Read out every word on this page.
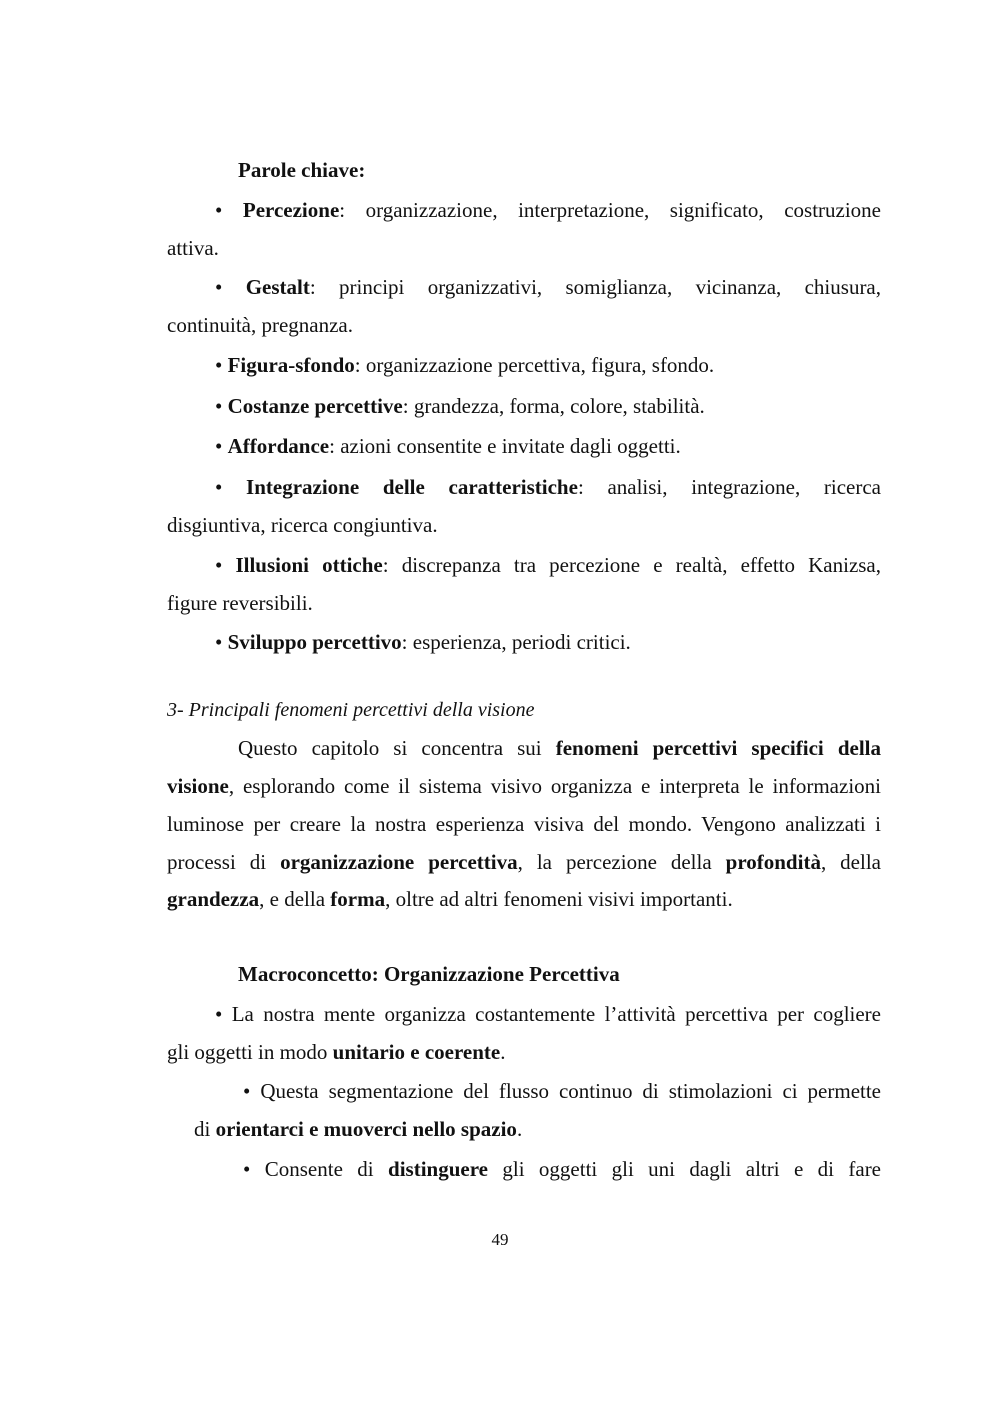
Parole chiave:
• Percezione: organizzazione, interpretazione, significato, costruzione
attiva.
• Gestalt: principi organizzativi, somiglianza, vicinanza, chiusura,
continuità, pregnanza.
• Figura-sfondo: organizzazione percettiva, figura, sfondo.
• Costanze percettive: grandezza, forma, colore, stabilità.
• Affordance: azioni consentite e invitate dagli oggetti.
• Integrazione delle caratteristiche: analisi, integrazione, ricerca
disgiuntiva, ricerca congiuntiva.
• Illusioni ottiche: discrepanza tra percezione e realtà, effetto Kanizsa,
figure reversibili.
• Sviluppo percettivo: esperienza, periodi critici.
3- Principali fenomeni percettivi della visione
Questo capitolo si concentra sui fenomeni percettivi specifici della
visione, esplorando come il sistema visivo organizza e interpreta le informazioni
luminose per creare la nostra esperienza visiva del mondo. Vengono analizzati i
processi di organizzazione percettiva, la percezione della profondità, della
grandezza, e della forma, oltre ad altri fenomeni visivi importanti.
Macroconcetto: Organizzazione Percettiva
• La nostra mente organizza costantemente l’attività percettiva per cogliere
gli oggetti in modo unitario e coerente.
• Questa segmentazione del flusso continuo di stimolazioni ci permette
di orientarci e muoverci nello spazio.
• Consente di distinguere gli oggetti gli uni dagli altri e di fare
49
